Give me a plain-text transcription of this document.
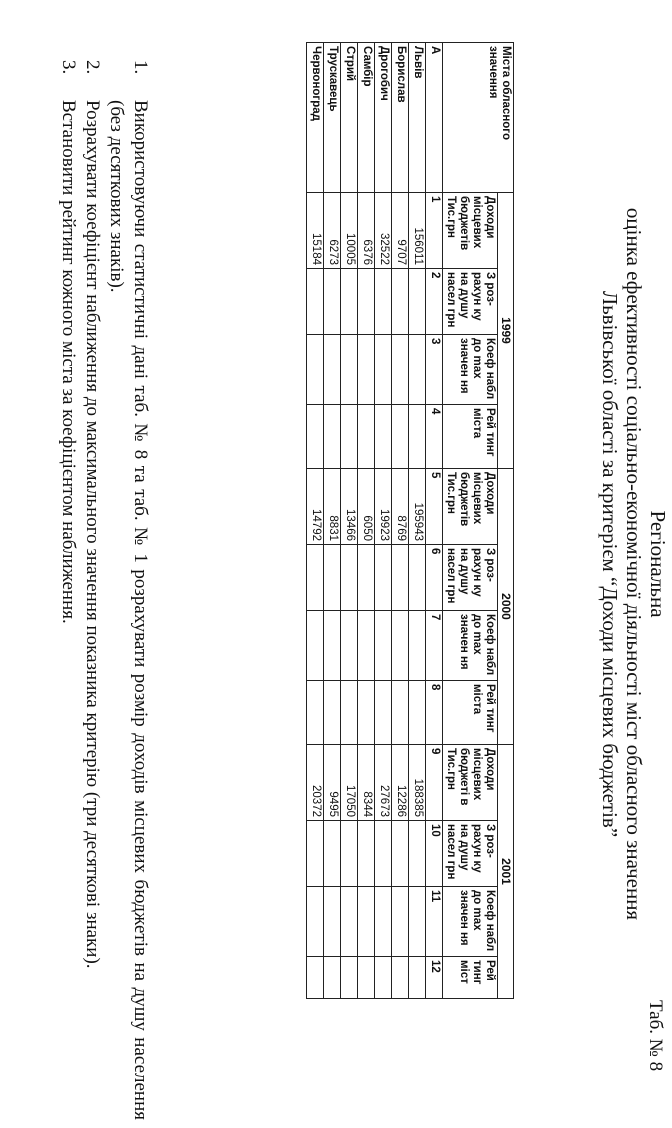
Таб. № 8
Регіональна
оцінка ефективності соціально-економічної діяльності міст обласного значення
Львівської області за критерієм “Доходи місцевих бюджетів”
Міста обласного значення	1999				2000				2001			
	Доходи місцевих бюджетів Тис.грн	З роз-рахун ку на душу насел грн	Коеф набл до max значен ня	Рей тинг міста	Доходи місцевих бюджетів Тис.грн	З роз-рахун ку на душу насел грн	Коеф набл до max значен ня	Рей тинг міста	Доходи місцевих бюджеті в Тис.грн	З роз-рахун ку на душу насел грн	Коеф набл до max значен ня	Рей тинг міст
А	1	2	3	4	5	6	7	8	9	10	11	12
Львів	156011				195943				188385			
Борислав	9707				8769				12286			
Дрогобич	32522				19923				27673			
Самбір	6376				6050				8344			
Стрий	10005				13466				17050			
Трускавець	6273				8831				9495			
Червоноград	15184				14792				20372			
1.
Використовуючи статистичні дані таб. № 8 та таб. № 1 розрахувати розмір доходів місцевих бюджетів на душу населення (без десяткових знаків).
2.
Розрахувати коефіцієнт наближення до максимального значення показника критерію (три десяткові знаки).
3.
Встановити рейтинг кожного міста за коефіцієнтом наближення.
